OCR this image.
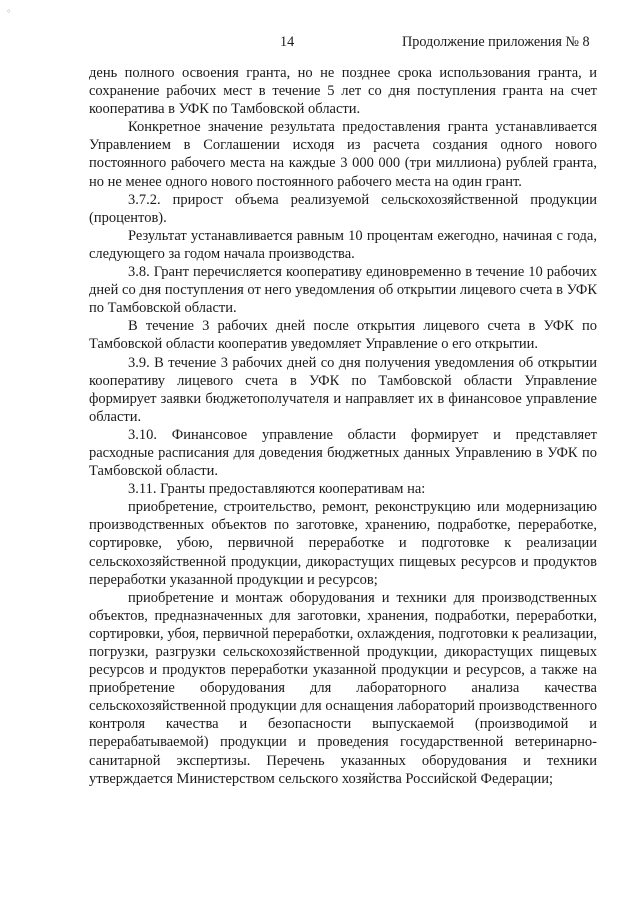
°
14	Продолжение приложения № 8

день полного освоения гранта, но не позднее срока использования гранта, и сохранение рабочих мест в течение 5 лет со дня поступления гранта на счет кооператива в УФК по Тамбовской области.

Конкретное значение результата предоставления гранта устанавливается Управлением в Соглашении исходя из расчета создания одного нового постоянного рабочего места на каждые 3 000 000 (три миллиона) рублей гранта, но не менее одного нового постоянного рабочего места на один грант.

3.7.2. прирост объема реализуемой сельскохозяйственной продукции (процентов).

Результат устанавливается равным 10 процентам ежегодно, начиная с года, следующего за годом начала производства.

3.8. Грант перечисляется кооперативу единовременно в течение 10 рабочих дней со дня поступления от него уведомления об открытии лицевого счета в УФК по Тамбовской области.

В течение 3 рабочих дней после открытия лицевого счета в УФК по Тамбовской области кооператив уведомляет Управление о его открытии.

3.9. В течение 3 рабочих дней со дня получения уведомления об открытии кооперативу лицевого счета в УФК по Тамбовской области Управление формирует заявки бюджетополучателя и направляет их в финансовое управление области.

3.10. Финансовое управление области формирует и представляет расходные расписания для доведения бюджетных данных Управлению в УФК по Тамбовской области.

3.11. Гранты предоставляются кооперативам на:

приобретение, строительство, ремонт, реконструкцию или модернизацию производственных объектов по заготовке, хранению, подработке, переработке, сортировке, убою, первичной переработке и подготовке к реализации сельскохозяйственной продукции, дикорастущих пищевых ресурсов и продуктов переработки указанной продукции и ресурсов;

приобретение и монтаж оборудования и техники для производственных объектов, предназначенных для заготовки, хранения, подработки, переработки, сортировки, убоя, первичной переработки, охлаждения, подготовки к реализации, погрузки, разгрузки сельскохозяйственной продукции, дикорастущих пищевых ресурсов и продуктов переработки указанной продукции и ресурсов, а также на приобретение оборудования для лабораторного анализа качества сельскохозяйственной продукции для оснащения лабораторий производственного контроля качества и безопасности выпускаемой (производимой и перерабатываемой) продукции и проведения государственной ветеринарно-санитарной экспертизы. Перечень указанных оборудования и техники утверждается Министерством сельского хозяйства Российской Федерации;
